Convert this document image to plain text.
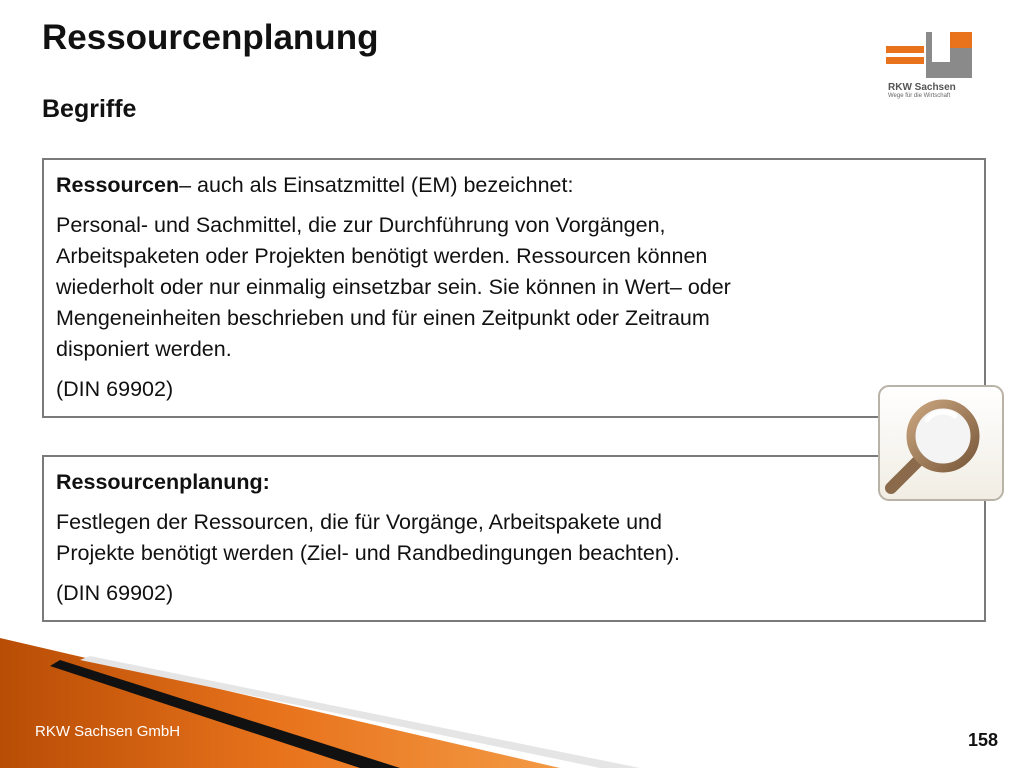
Ressourcenplanung
Begriffe
RKW Sachsen
Wege für die Wirtschaft

Ressourcen– auch als Einsatzmittel (EM) bezeichnet:

Personal- und Sachmittel, die zur Durchführung von Vorgängen,
Arbeitspaketen oder Projekten benötigt werden. Ressourcen können
wiederholt oder nur einmalig einsetzbar sein. Sie können in Wert– oder
Mengeneinheiten beschrieben und für einen Zeitpunkt oder Zeitraum
disponiert werden.

(DIN 69902)

Ressourcenplanung:

Festlegen der Ressourcen, die für Vorgänge, Arbeitspakete und
Projekte benötigt werden (Ziel- und Randbedingungen beachten).

(DIN 69902)

RKW Sachsen GmbH	158
